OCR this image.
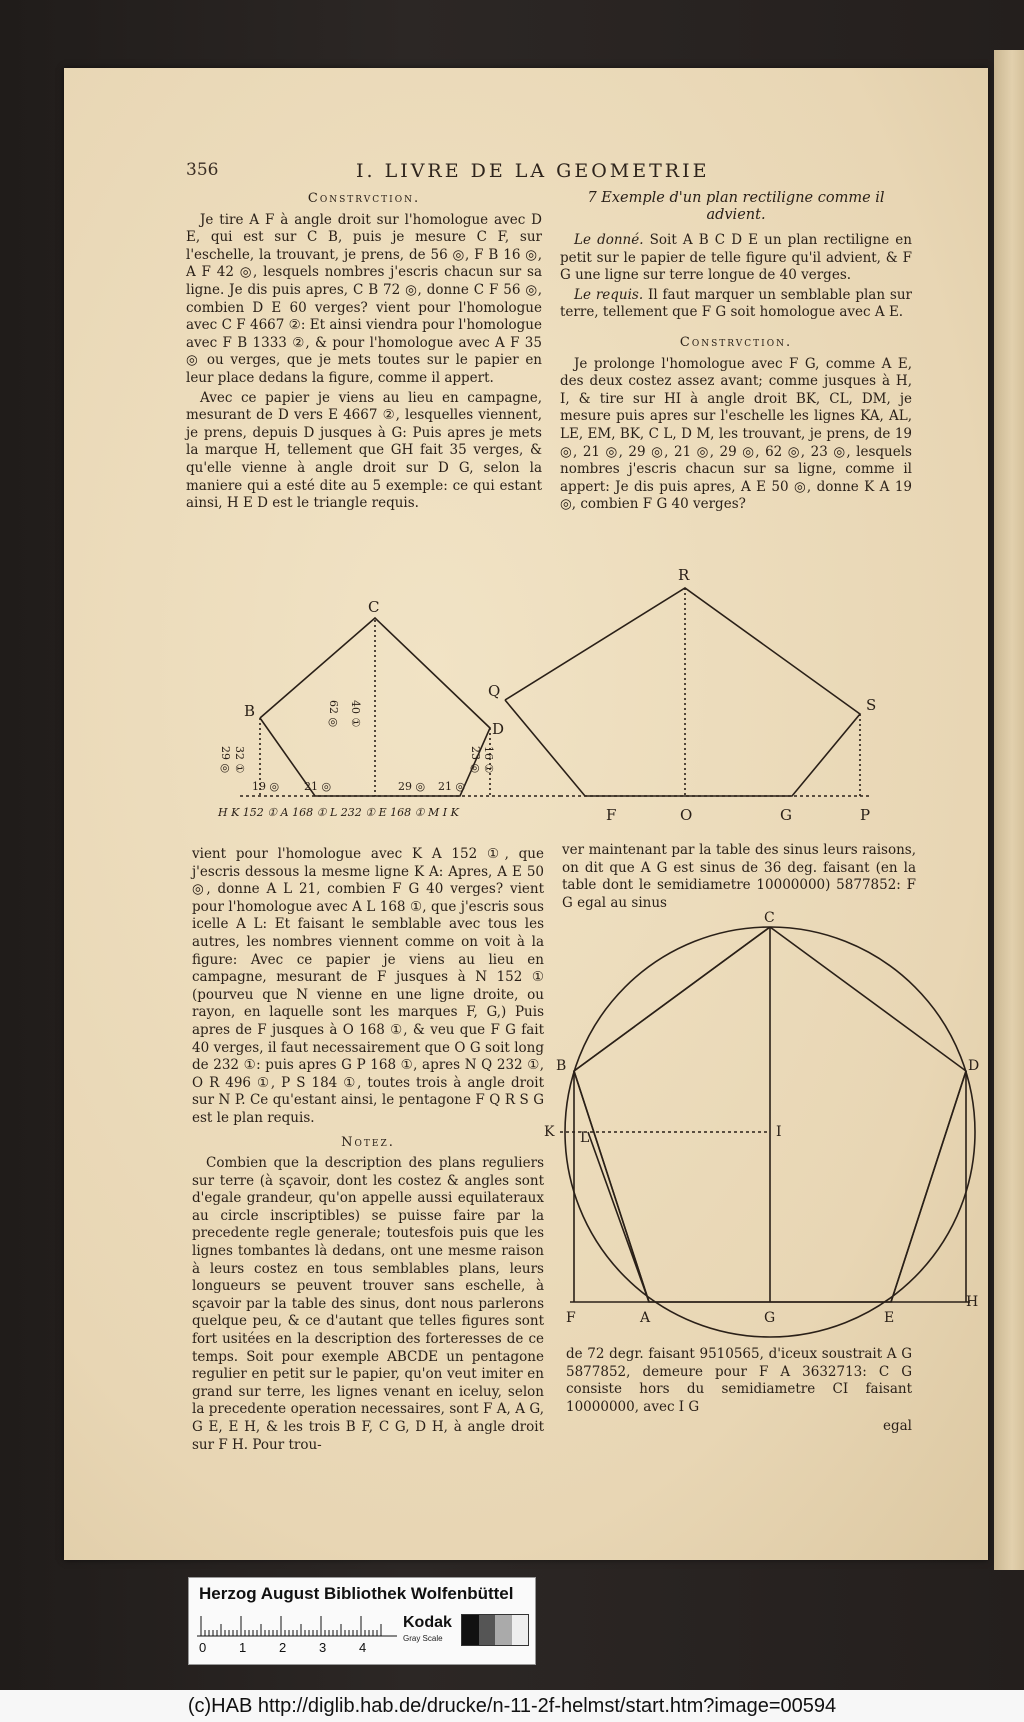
356	I. LIVRE DE LA GEOMETRIE
Constrvction.

Je tire A F à angle droit sur l'homologue avec D E, qui est sur C B, puis je mesure C F, sur l'eschelle, la trouvant, je prens, de 56 ◎, F B 16 ◎, A F 42 ◎, lesquels nombres j'escris chacun sur sa ligne. Je dis puis apres, C B 72 ◎, donne C F 56 ◎, combien D E 60 verges? vient pour l'homologue avec C F 4667 ②: Et ainsi viendra pour l'homologue avec F B 1333 ②, & pour l'homologue avec A F 35 ◎ ou verges, que je mets toutes sur le papier en leur place dedans la figure, comme il appert.

Avec ce papier je viens au lieu en campagne, mesurant de D vers E 4667 ②, lesquelles viennent, je prens, depuis D jusques à G: Puis apres je mets la marque H, tellement que GH fait 35 verges, & qu'elle vienne à angle droit sur D G, selon la maniere qui a esté dite au 5 exemple: ce qui estant ainsi, H E D est le triangle requis.

7 Exemple d'un plan rectiligne comme il advient.

Le donné. Soit A B C D E un plan rectiligne en petit sur le papier de telle figure qu'il advient, & F G une ligne sur terre longue de 40 verges.

Le requis. Il faut marquer un semblable plan sur terre, tellement que F G soit homologue avec A E.

Constrvction.

Je prolonge l'homologue avec F G, comme A E, des deux costez assez avant; comme jusques à H, I, & tire sur HI à angle droit BK, CL, DM, je mesure puis apres sur l'eschelle les lignes KA, AL, LE, EM, BK, C L, D M, les trouvant, je prens, de 19 ◎, 21 ◎, 29 ◎, 21 ◎, 29 ◎, 62 ◎, 23 ◎, lesquels nombres j'escris chacun sur sa ligne, comme il appert: Je dis puis apres, A E 50 ◎, donne K A 19 ◎, combien F G 40 verges?

C
B
D
R
Q
S
F	O	G	P
62 ◎ 40 ①
29 ◎ 32 ①	23 ◎ 16 ①
19 ◎ 21 ◎	29 ◎ 21 ◎
H K 152 ① A 168 ① L 232 ① E 168 ① M I K

vient pour l'homologue avec K A 152 ①, que j'escris dessous la mesme ligne K A: Apres, A E 50 ◎, donne A L 21, combien F G 40 verges? vient pour l'homologue avec A L 168 ①, que j'escris sous icelle A L: Et faisant le semblable avec tous les autres, les nombres viennent comme on voit à la figure: Avec ce papier je viens au lieu en campagne, mesurant de F jusques à N 152 ① (pourveu que N vienne en une ligne droite, ou rayon, en laquelle sont les marques F, G,) Puis apres de F jusques à O 168 ①, & veu que F G fait 40 verges, il faut necessairement que O G soit long de 232 ①: puis apres G P 168 ①, apres N Q 232 ①, O R 496 ①, P S 184 ①, toutes trois à angle droit sur N P. Ce qu'estant ainsi, le pentagone F Q R S G est le plan requis.

Notez.

Combien que la description des plans reguliers sur terre (à sçavoir, dont les costez & angles sont d'egale grandeur, qu'on appelle aussi equilateraux au circle inscriptibles) se puisse faire par la precedente regle generale; toutesfois puis que les lignes tombantes là dedans, ont une mesme raison à leurs costez en tous semblables plans, leurs longueurs se peuvent trouver sans eschelle, à sçavoir par la table des sinus, dont nous parlerons quelque peu, & ce d'autant que telles figures sont fort usitées en la description des forteresses de ce temps. Soit pour exemple ABCDE un pentagone regulier en petit sur le papier, qu'on veut imiter en grand sur terre, les lignes venant en iceluy, selon la precedente operation necessaires, sont F A, A G, G E, E H, & les trois B F, C G, D H, à angle droit sur F H. Pour trou-

ver maintenant par la table des sinus leurs raisons, on dit que A G est sinus de 36 deg. faisant (en la table dont le semidiametre 10000000) 5877852: F G egal au sinus

C
B	D
K L	I
F	A	G	E
H

de 72 degr. faisant 9510565, d'iceux soustrait A G 5877852, demeure pour F A 3632713: C G consiste hors du semidiametre CI faisant 10000000, avec I G

egal
Herzog August Bibliothek Wolfenbüttel
0	1	2	3	4
Kodak
Gray Scale
(c)HAB http://diglib.hab.de/drucke/n-11-2f-helmst/start.htm?image=00594
